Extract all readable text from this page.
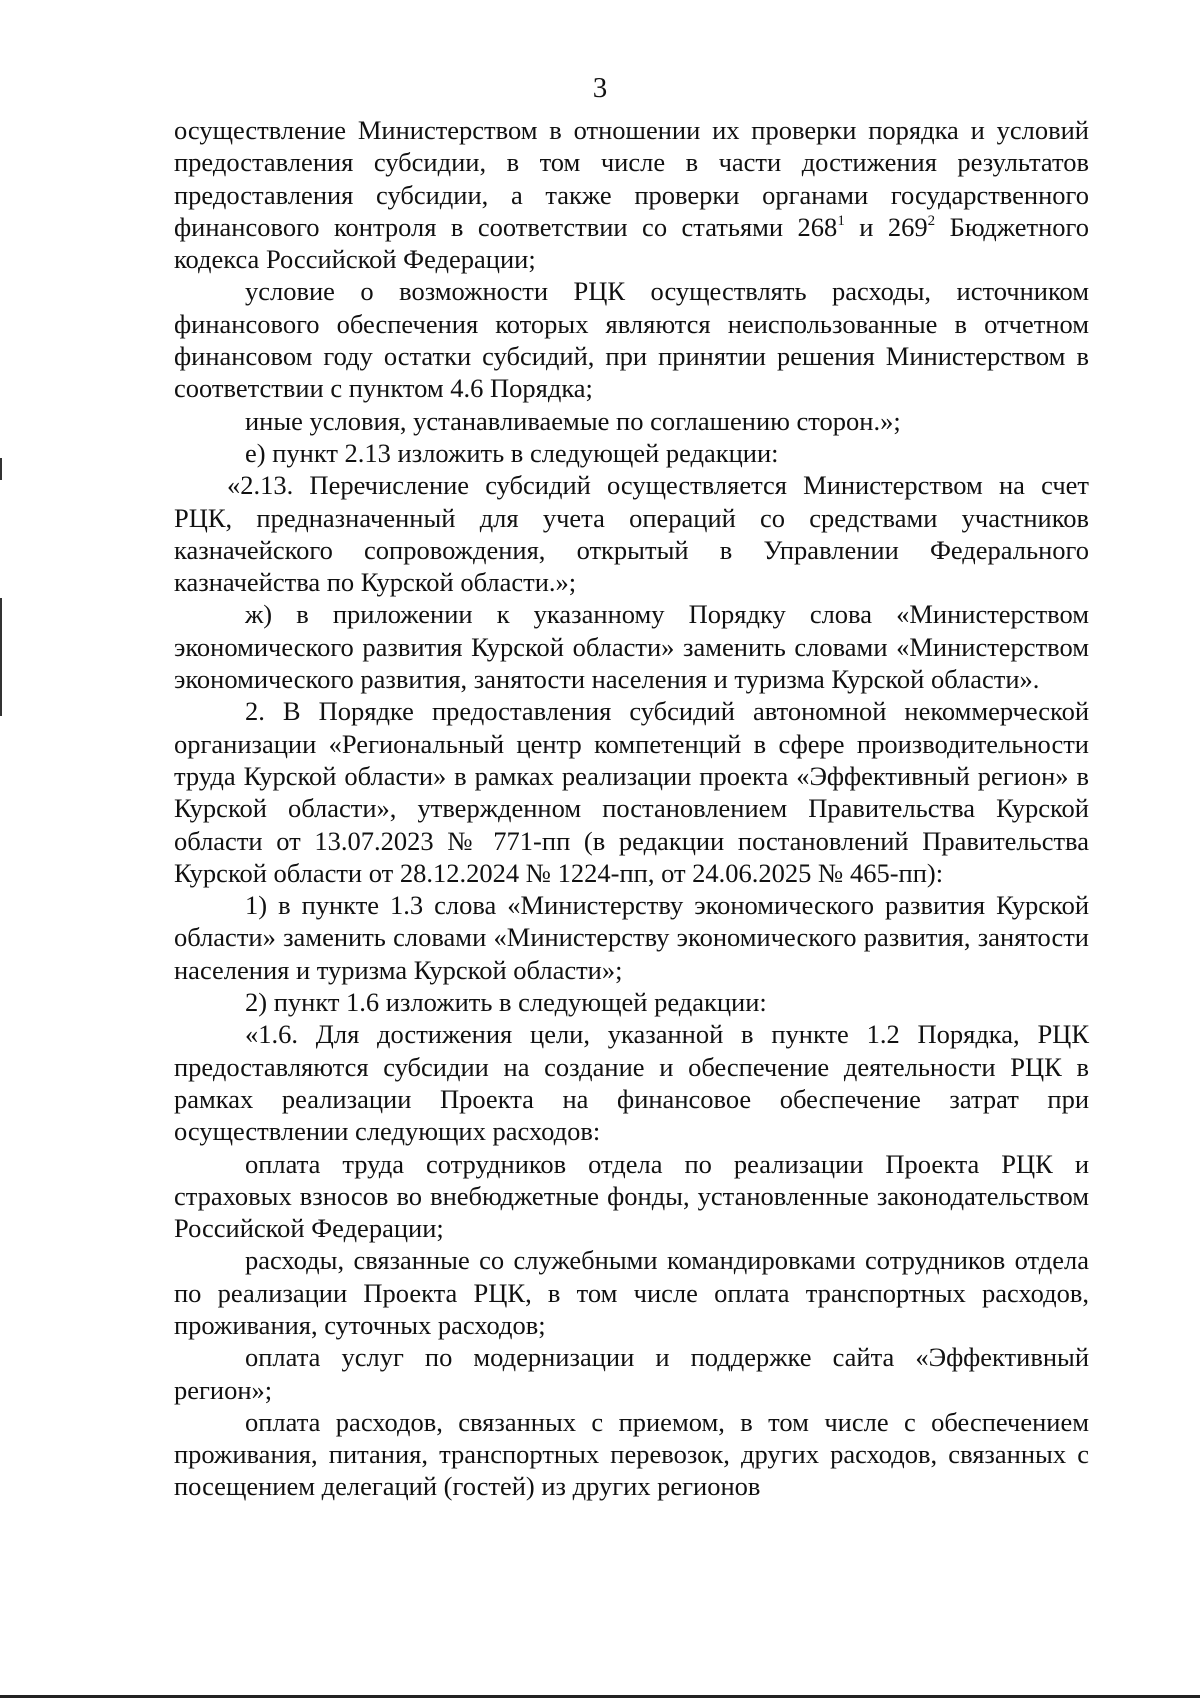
3

осуществление Министерством в отношении их проверки порядка и условий предоставления субсидии, в том числе в части достижения результатов предоставления субсидии, а также проверки органами государственного финансового контроля в соответствии со статьями $268^1$ и $269^2$ Бюджетного кодекса Российской Федерации;

условие о возможности РЦК осуществлять расходы, источником финансового обеспечения которых являются неиспользованные в отчетном финансовом году остатки субсидий, при принятии решения Министерством в соответствии с пунктом 4.6 Порядка;

иные условия, устанавливаемые по соглашению сторон.»;

е) пункт 2.13 изложить в следующей редакции:

«2.13. Перечисление субсидий осуществляется Министерством на счет РЦК, предназначенный для учета операций со средствами участников казначейского сопровождения, открытый в Управлении Федерального казначейства по Курской области.»;

ж) в приложении к указанному Порядку слова «Министерством экономического развития Курской области» заменить словами «Министерством экономического развития, занятости населения и туризма Курской области».

2. В Порядке предоставления субсидий автономной некоммерческой организации «Региональный центр компетенций в сфере производительности труда Курской области» в рамках реализации проекта «Эффективный регион» в Курской области», утвержденном постановлением Правительства Курской области от 13.07.2023 № 771-пп (в редакции постановлений Правительства Курской области от 28.12.2024 № 1224-пп, от 24.06.2025 № 465-пп):

1) в пункте 1.3 слова «Министерству экономического развития Курской области» заменить словами «Министерству экономического развития, занятости населения и туризма Курской области»;

2) пункт 1.6 изложить в следующей редакции:

«1.6. Для достижения цели, указанной в пункте 1.2 Порядка, РЦК предоставляются субсидии на создание и обеспечение деятельности РЦК в рамках реализации Проекта на финансовое обеспечение затрат при осуществлении следующих расходов:

оплата труда сотрудников отдела по реализации Проекта РЦК и страховых взносов во внебюджетные фонды, установленные законодательством Российской Федерации;

расходы, связанные со служебными командировками сотрудников отдела по реализации Проекта РЦК, в том числе оплата транспортных расходов, проживания, суточных расходов;

оплата услуг по модернизации и поддержке сайта «Эффективный регион»;

оплата расходов, связанных с приемом, в том числе с обеспечением проживания, питания, транспортных перевозок, других расходов, связанных с посещением делегаций (гостей) из других регионов
